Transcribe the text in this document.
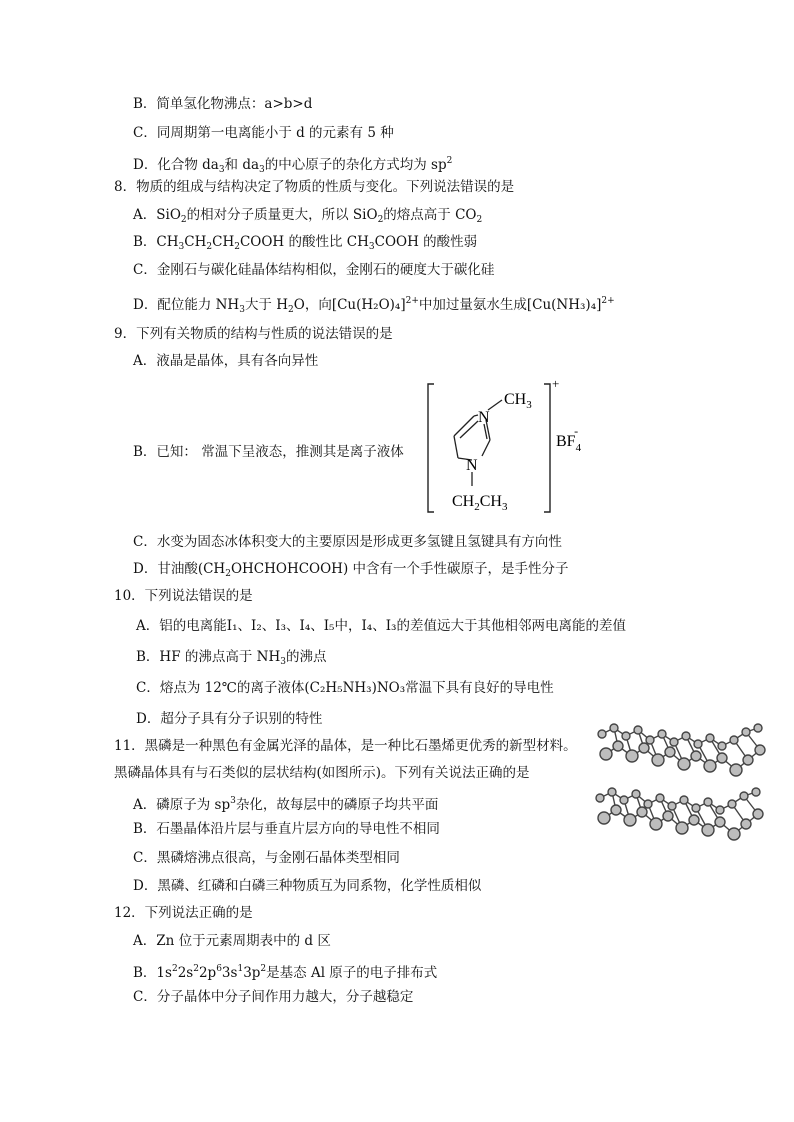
B．简单氢化物沸点：a>b>d
C．同周期第一电离能小于 d 的元素有 5 种
D．化合物 $da_3$和 $da_3$的中心原子的杂化方式均为 $sp^2$
8．物质的组成与结构决定了物质的性质与变化。下列说法错误的是
A．SiO$_2$的相对分子质量更大，所以 SiO$_2$的熔点高于 $CO_2$
B．$CH_3CH_2CH_2COOH$ 的酸性比 $CH_3COOH$ 的酸性弱
C．金刚石与碳化硅晶体结构相似，金刚石的硬度大于碳化硅
D．配位能力 $NH_3$大于 $H_2O$，向$[Cu(H_2O)_4]^{2+}$中加过量氨水生成$[Cu(NH_3)_4]^{2+}$
9．下列有关物质的结构与性质的说法错误的是
A．液晶是晶体，具有各向异性
B．已知： 常温下呈液态，推测其是离子液体
N
$CH_3$
N
$CH_2CH_3$
+
$BF_4-$
C．水变为固态冰体积变大的主要原因是形成更多氢键且氢键具有方向性
D．甘油酸$(CH_2OHCHOHCOOH)$ 中含有一个手性碳原子，是手性分子
10．下列说法错误的是
A．铝的电离能I₁、I₂、I₃、I₄、I₅中，I₄、I₃的差值远大于其他相邻两电离能的差值
B．HF 的沸点高于 $NH_3$的沸点
C．熔点为 12℃的离子液体(C₂H₅NH₃)NO₃常温下具有良好的导电性
D．超分子具有分子识别的特性
11．黑磷是一种黑色有金属光泽的晶体，是一种比石墨烯更优秀的新型材料。
黑磷晶体具有与石类似的层状结构(如图所示)。下列有关说法正确的是
A．磷原子为 $sp^3$杂化，故每层中的磷原子均共平面
B．石墨晶体沿片层与垂直片层方向的导电性不相同
C．黑磷熔沸点很高，与金刚石晶体类型相同
D．黑磷、红磷和白磷三种物质互为同系物，化学性质相似
12．下列说法正确的是
A．Zn 位于元素周期表中的 d 区
B．$1s^22s^22p^63s^13p^2$是基态 Al 原子的电子排布式
C．分子晶体中分子间作用力越大，分子越稳定
